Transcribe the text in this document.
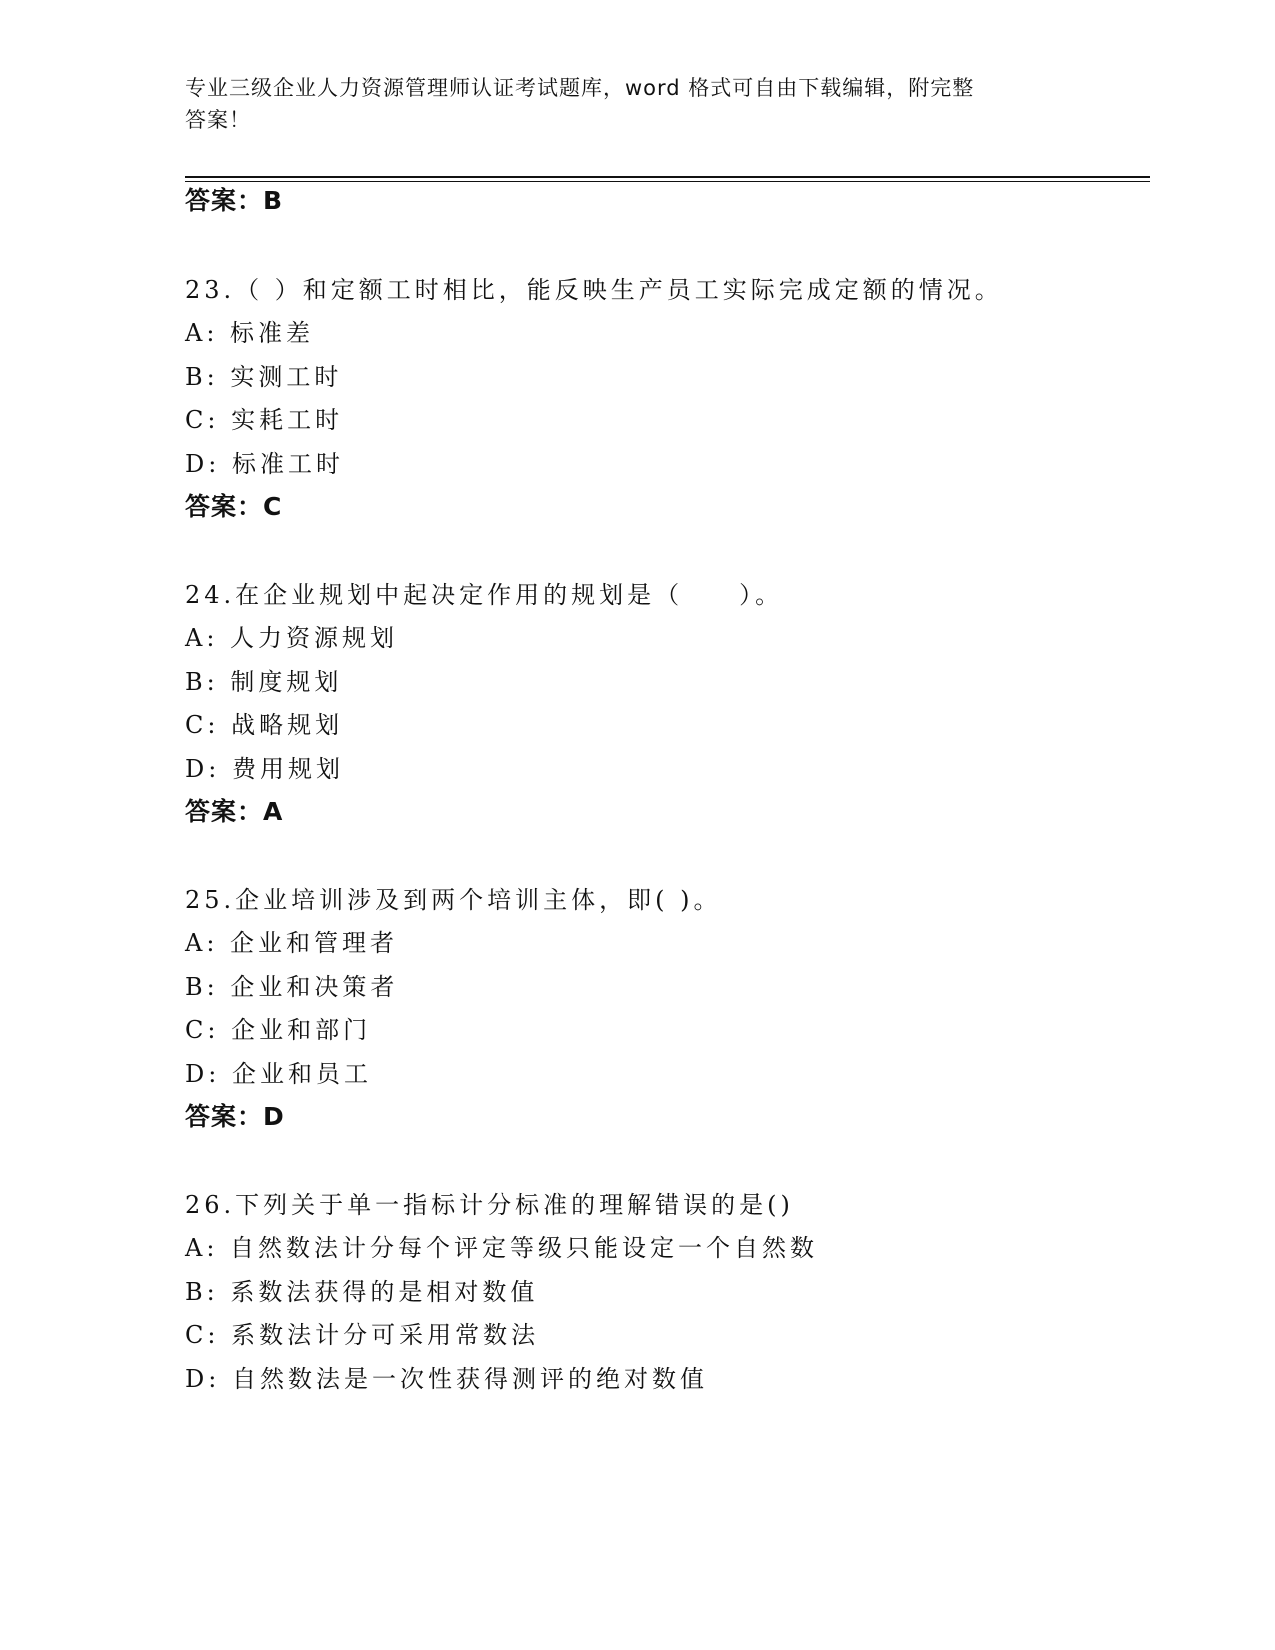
专业三级企业人力资源管理师认证考试题库，word 格式可自由下载编辑，附完整
答案！
答案：B
23.（ ）和定额工时相比，能反映生产员工实际完成定额的情况。
A: 标准差
B: 实测工时
C: 实耗工时
D: 标准工时
答案：C
24.在企业规划中起决定作用的规划是（　　）。
A: 人力资源规划
B: 制度规划
C: 战略规划
D: 费用规划
答案：A
25.企业培训涉及到两个培训主体，即( )。
A: 企业和管理者
B: 企业和决策者
C: 企业和部门
D: 企业和员工
答案：D
26.下列关于单一指标计分标准的理解错误的是()
A: 自然数法计分每个评定等级只能设定一个自然数
B: 系数法获得的是相对数值
C: 系数法计分可采用常数法
D: 自然数法是一次性获得测评的绝对数值
